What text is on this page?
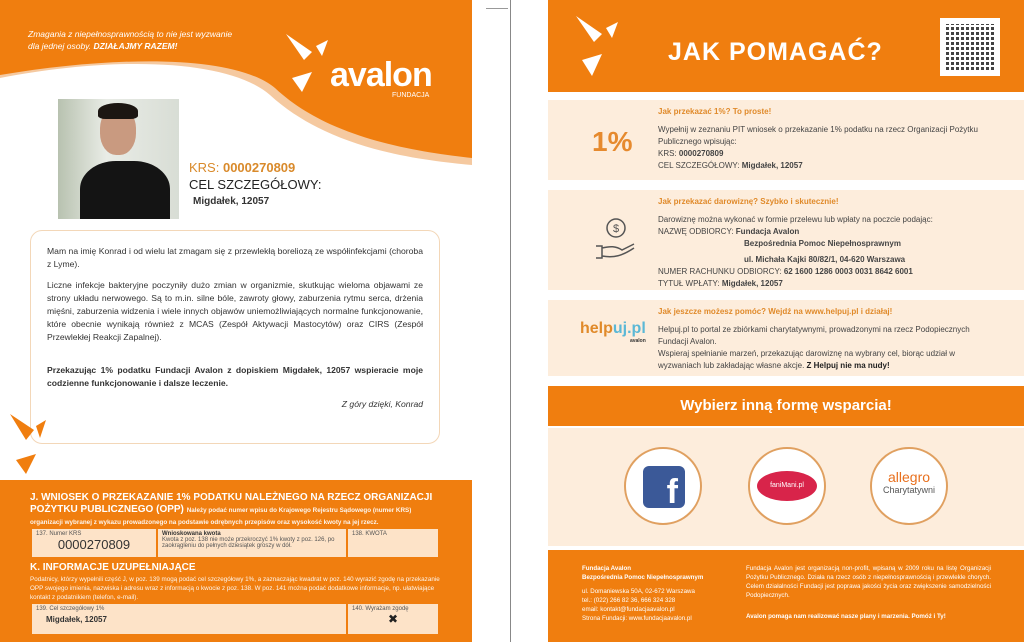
Zmagania z niepełnosprawnością to nie jest wyzwanie
dla jednej osoby. DZIAŁAJMY RAZEM!
avalon
FUNDACJA
KRS: 0000270809
CEL SZCZEGÓŁOWY:
Migdałek, 12057

Mam na imię Konrad i od wielu lat zmagam się z przewlekłą boreliozą ze współinfekcjami (choroba z Lyme).

Liczne infekcje bakteryjne poczyniły dużo zmian w organizmie, skutkując wieloma objawami ze strony układu nerwowego. Są to m.in. silne bóle, zawroty głowy, zaburzenia rytmu serca, drżenia mięśni, zaburzenia widzenia i wiele innych objawów uniemożliwiających normalne funkcjonowanie, które obecnie wynikają również z MCAS (Zespół Aktywacji Mastocytów) oraz CIRS (Zespół Przewlekłej Reakcji Zapalnej).

Przekazując 1% podatku Fundacji Avalon z dopiskiem Migdałek, 12057 wspieracie moje codzienne funkcjonowanie i dalsze leczenie.

Z góry dzięki, Konrad

J. WNIOSEK O PRZEKAZANIE 1% PODATKU NALEŻNEGO NA RZECZ ORGANIZACJI POŻYTKU PUBLICZNEGO (OPP) Należy podać numer wpisu do Krajowego Rejestru Sądowego (numer KRS) organizacji wybranej z wykazu prowadzonego na podstawie odrębnych przepisów oraz wysokość kwoty na jej rzecz.
137. Numer KRS
0000270809
Wnioskowana kwota
Kwota z poz. 138 nie może przekroczyć 1% kwoty z poz. 126, po zaokrągleniu do pełnych dziesiątek groszy w dół.
138. KWOTA
K. INFORMACJE UZUPEŁNIAJĄCE
Podatnicy, którzy wypełnili część J, w poz. 139 mogą podać cel szczegółowy 1%, a zaznaczając kwadrat w poz. 140 wyrazić zgodę na przekazanie OPP swojego imienia, nazwiska i adresu wraz z informacją o kwocie z poz. 138. W poz. 141 można podać dodatkowe informacje, np. ułatwiające kontakt z podatnikiem (telefon, e-mail).
139. Cel szczegółowy 1%
Migdałek, 12057
140. Wyrażam zgodę
✖
JAK POMAGAĆ?
Jak przekazać 1%? To proste!
Wypełnij w zeznaniu PIT wniosek o przekazanie 1% podatku na rzecz Organizacji Pożytku Publicznego wpisując:
KRS: 0000270809
CEL SZCZEGÓŁOWY: Migdałek, 12057
1%
Jak przekazać darowiznę? Szybko i skutecznie!
Darowiznę można wykonać w formie przelewu lub wpłaty na poczcie podając:
NAZWĘ ODBIORCY: Fundacja Avalon
Bezpośrednia Pomoc Niepełnosprawnym
ul. Michała Kajki 80/82/1, 04-620 Warszawa
NUMER RACHUNKU ODBIORCY: 62 1600 1286 0003 0031 8642 6001
TYTUŁ WPŁATY: Migdałek, 12057
$
Jak jeszcze możesz pomóc? Wejdź na www.helpuj.pl i działaj!
Helpuj.pl to portal ze zbiórkami charytatywnymi, prowadzonymi na rzecz Podopiecznych Fundacji Avalon.
Wspieraj spełnianie marzeń, przekazując darowiznę na wybrany cel, biorąc udział w wyzwaniach lub zakładając własne akcje. Z Helpuj nie ma nudy!
helpuj.pl
avalon
Wybierz inną formę wsparcia!
f	faniMani.pl
allegro
Charytatywni
Fundacja Avalon
Bezpośrednia Pomoc Niepełnosprawnym
ul. Domaniewska 50A, 02-672 Warszawa
tel.: (022) 266 82 36, 666 324 328
email: kontakt@fundacjaavalon.pl
Strona Fundacji: www.fundacjaavalon.pl
Fundacja Avalon jest organizacją non-profit, wpisaną w 2009 roku na listę Organizacji Pożytku Publicznego. Działa na rzecz osób z niepełnosprawnością i przewlekle chorych. Celem działalności Fundacji jest poprawa jakości życia oraz zwiększenie samodzielności Podopiecznych.
Avalon pomaga nam realizować nasze plany i marzenia. Pomóż i Ty!
